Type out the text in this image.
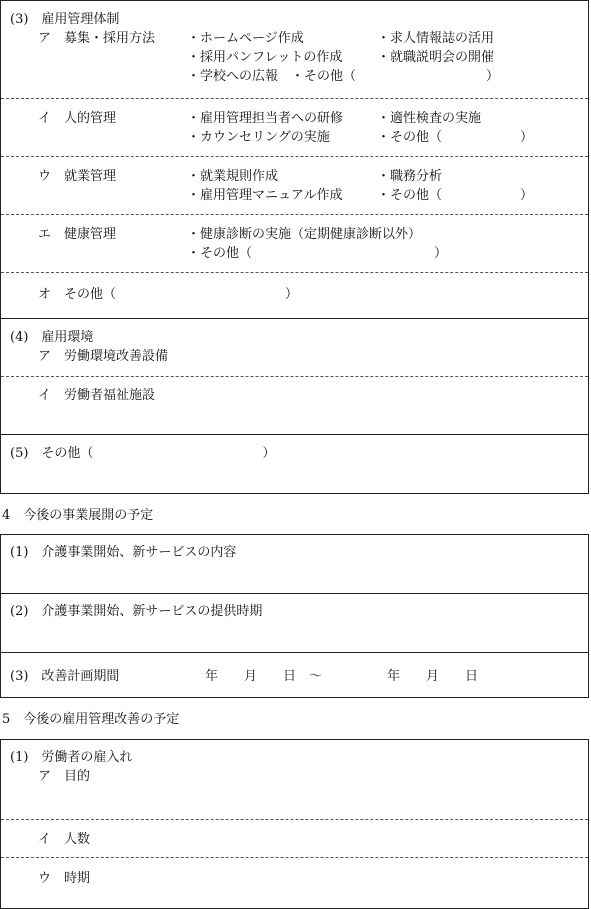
(3)　雇用管理体制
ア　募集・採用方法 ・ホームページ作成	・求人情報誌の活用
・採用パンフレットの作成	・就職説明会の開催
・学校への広報　・その他（　　　　　　　　　　）
イ　人的管理	・雇用管理担当者への研修	・適性検査の実施
・カウンセリングの実施	・その他（　　　　　　）
ウ　就業管理	・就業規則作成	・職務分析
・雇用管理マニュアル作成	・その他（　　　　　　）
エ　健康管理	・健康診断の実施（定期健康診断以外）
・その他（　　　　　　　　　　　　　　）
オ　その他（　　　　　　　　　　　　　）
(4)　雇用環境
ア　労働環境改善設備
イ　労働者福祉施設
(5)　その他（　　　　　　　　　　　　　）
4　今後の事業展開の予定
(1)　介護事業開始、新サービスの内容
(2)　介護事業開始、新サービスの提供時期
(3)　改善計画期間	年　　月　　日　～　　　　　年　　月　　日
5　今後の雇用管理改善の予定
(1)　労働者の雇入れ
ア　目的
イ　人数
ウ　時期
